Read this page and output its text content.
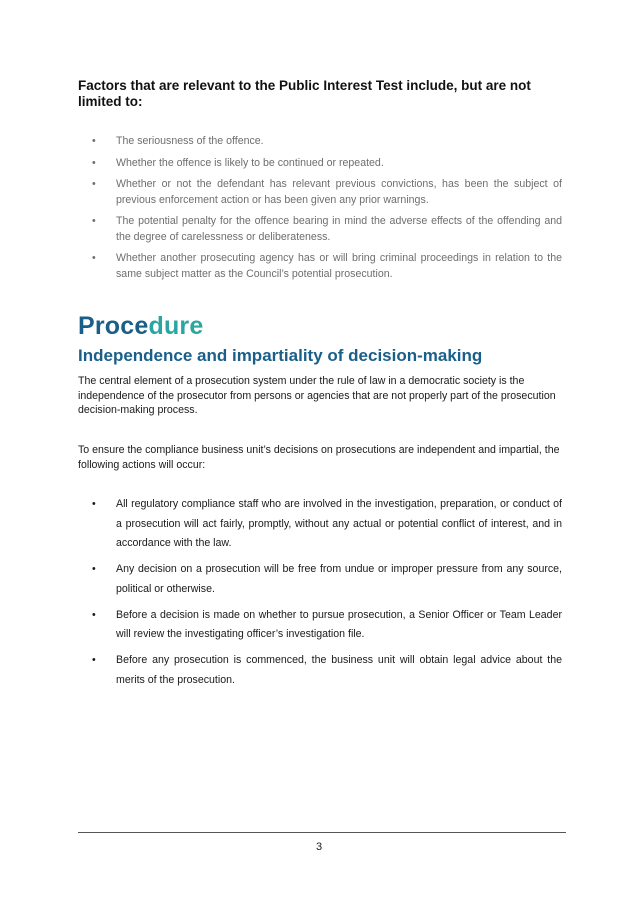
Factors that are relevant to the Public Interest Test include, but are not limited to:

• The seriousness of the offence.
• Whether the offence is likely to be continued or repeated.
• Whether or not the defendant has relevant previous convictions, has been the subject of previous enforcement action or has been given any prior warnings.
• The potential penalty for the offence bearing in mind the adverse effects of the offending and the degree of carelessness or deliberateness.
• Whether another prosecuting agency has or will bring criminal proceedings in relation to the same subject matter as the Council’s potential prosecution.
Procedure
Independence and impartiality of decision-making

The central element of a prosecution system under the rule of law in a democratic society is the independence of the prosecutor from persons or agencies that are not properly part of the prosecution decision-making process.

To ensure the compliance business unit’s decisions on prosecutions are independent and impartial, the following actions will occur:

• All regulatory compliance staff who are involved in the investigation, preparation, or conduct of a prosecution will act fairly, promptly, without any actual or potential conflict of interest, and in accordance with the law.
• Any decision on a prosecution will be free from undue or improper pressure from any source, political or otherwise.
• Before a decision is made on whether to pursue prosecution, a Senior Officer or Team Leader will review the investigating officer’s investigation file.
• Before any prosecution is commenced, the business unit will obtain legal advice about the merits of the prosecution.
3
